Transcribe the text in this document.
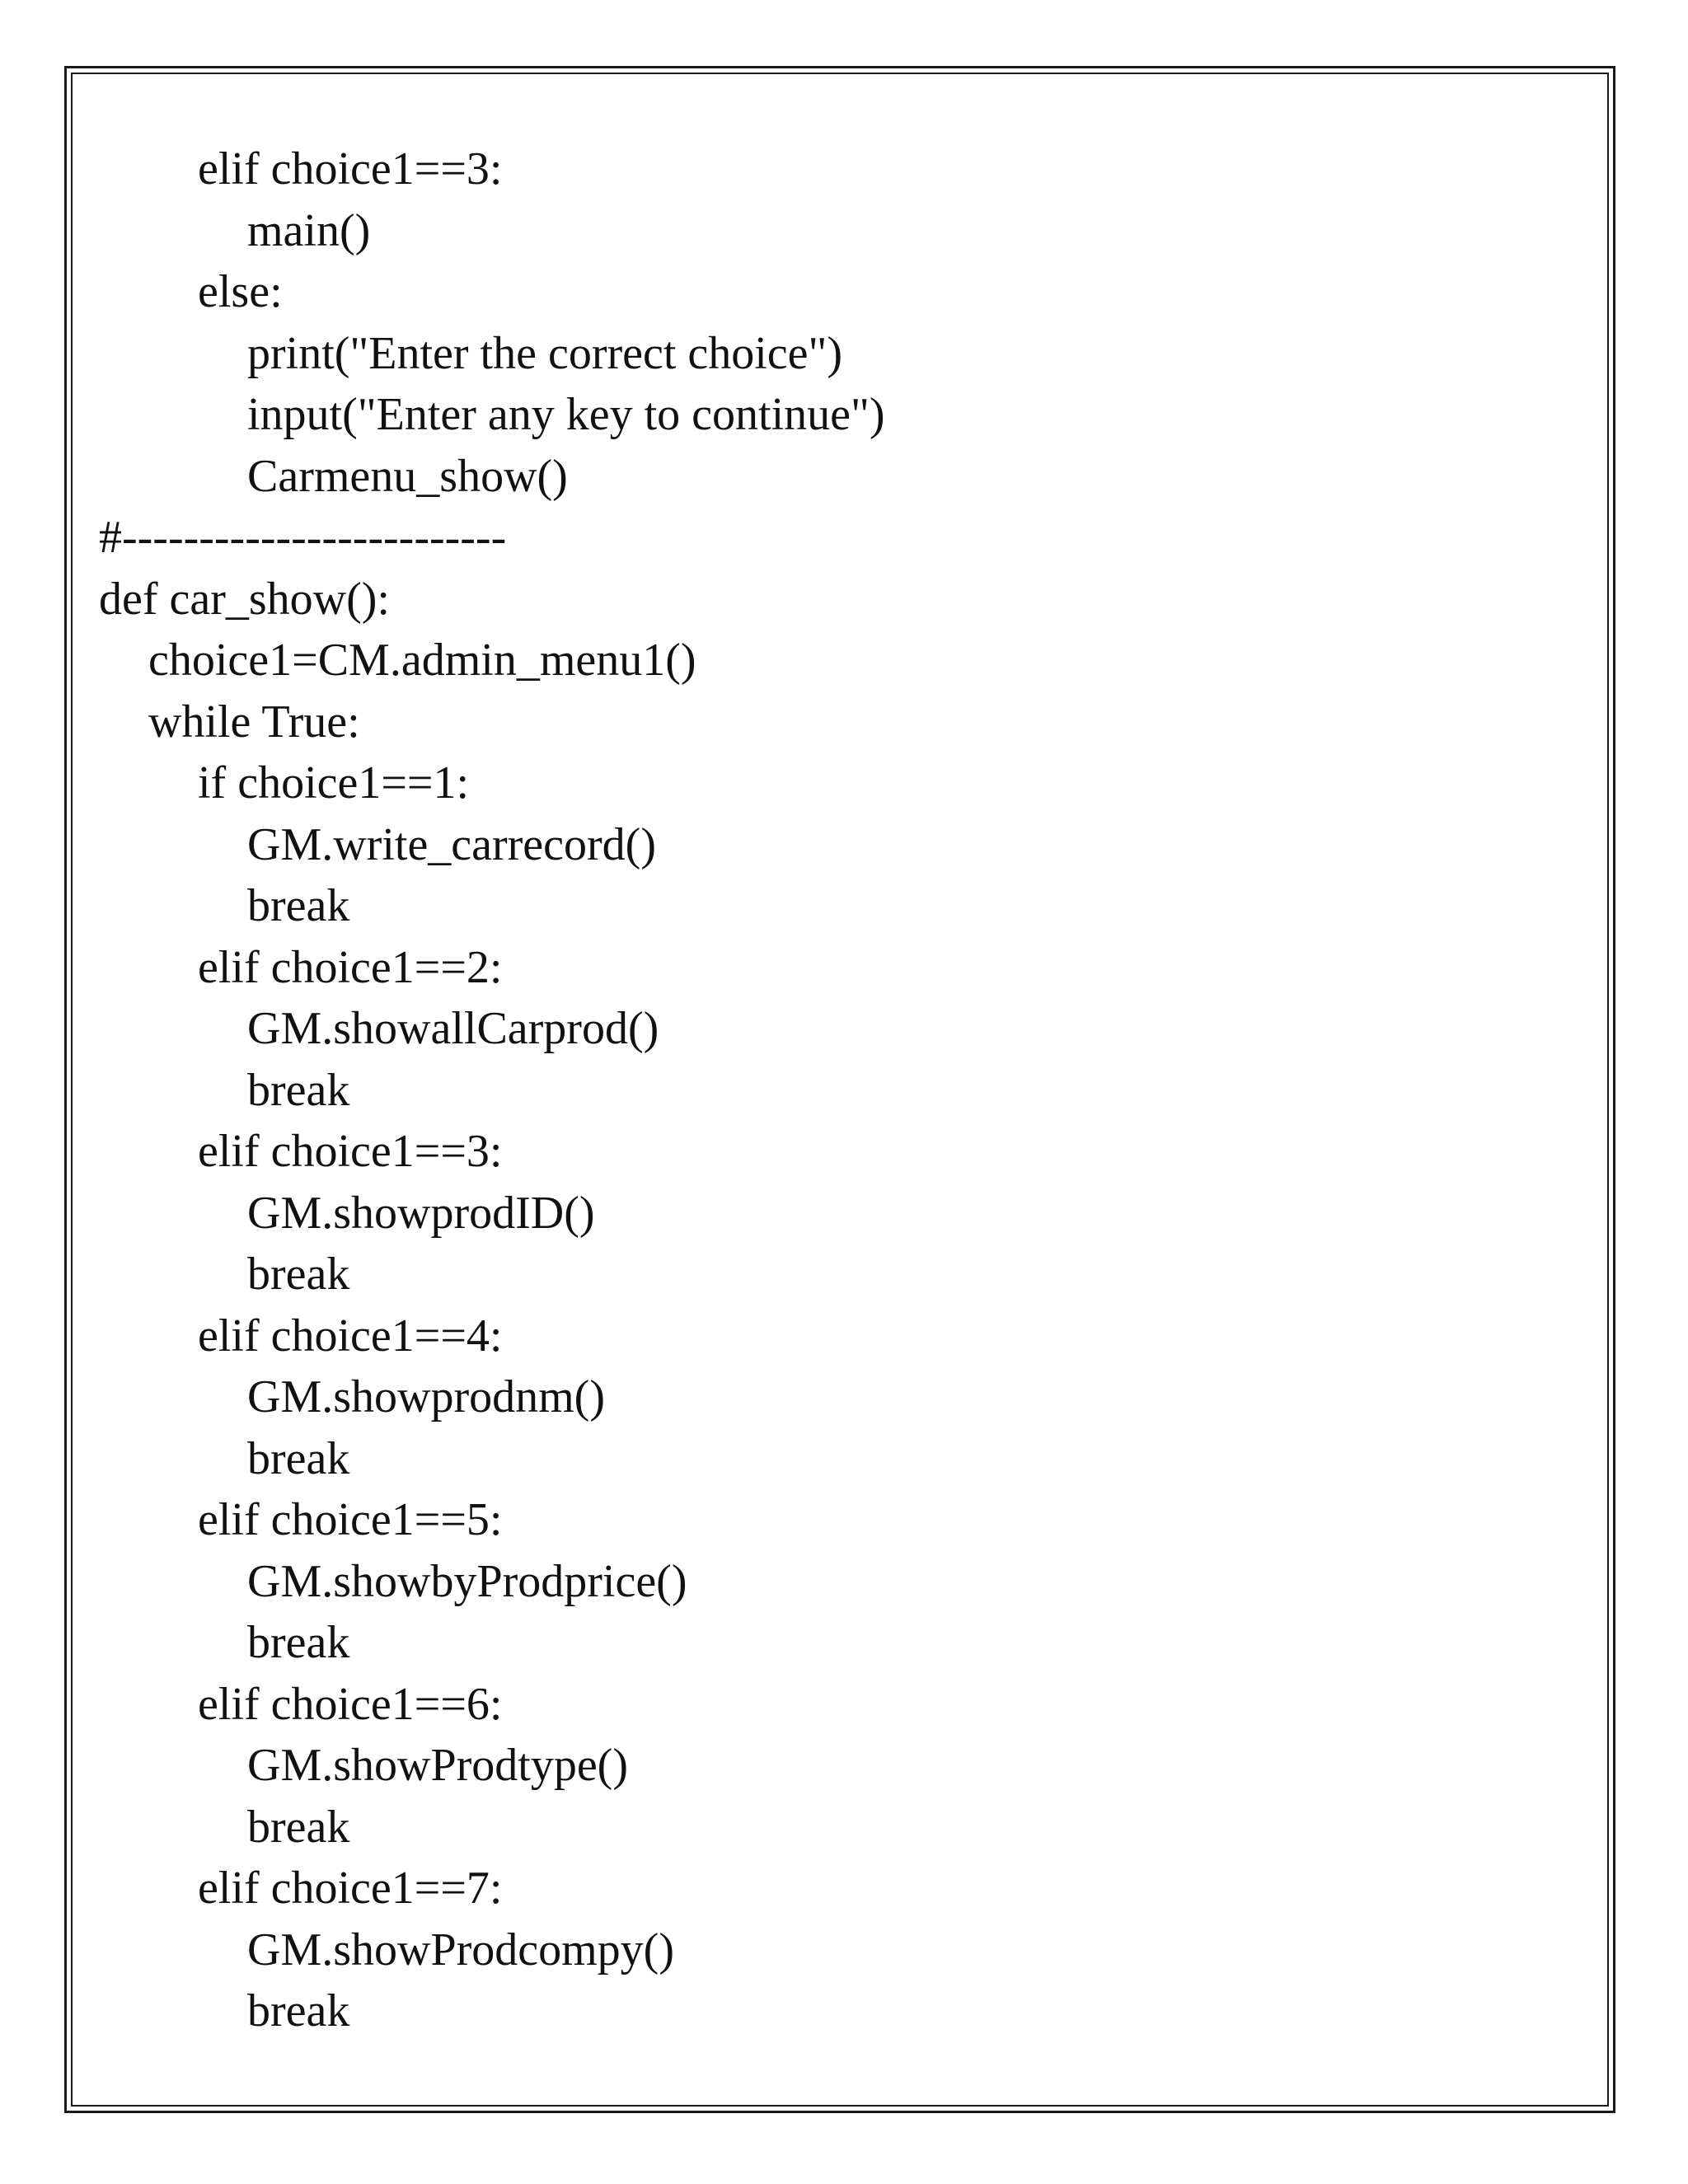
elif choice1==3:
main()
else:
print("Enter the correct choice")
input("Enter any key to continue")
Carmenu_show()
#-------------------------
def car_show():
choice1=CM.admin_menu1()
while True:
if choice1==1:
GM.write_carrecord()
break
elif choice1==2:
GM.showallCarprod()
break
elif choice1==3:
GM.showprodID()
break
elif choice1==4:
GM.showprodnm()
break
elif choice1==5:
GM.showbyProdprice()
break
elif choice1==6:
GM.showProdtype()
break
elif choice1==7:
GM.showProdcompy()
break
